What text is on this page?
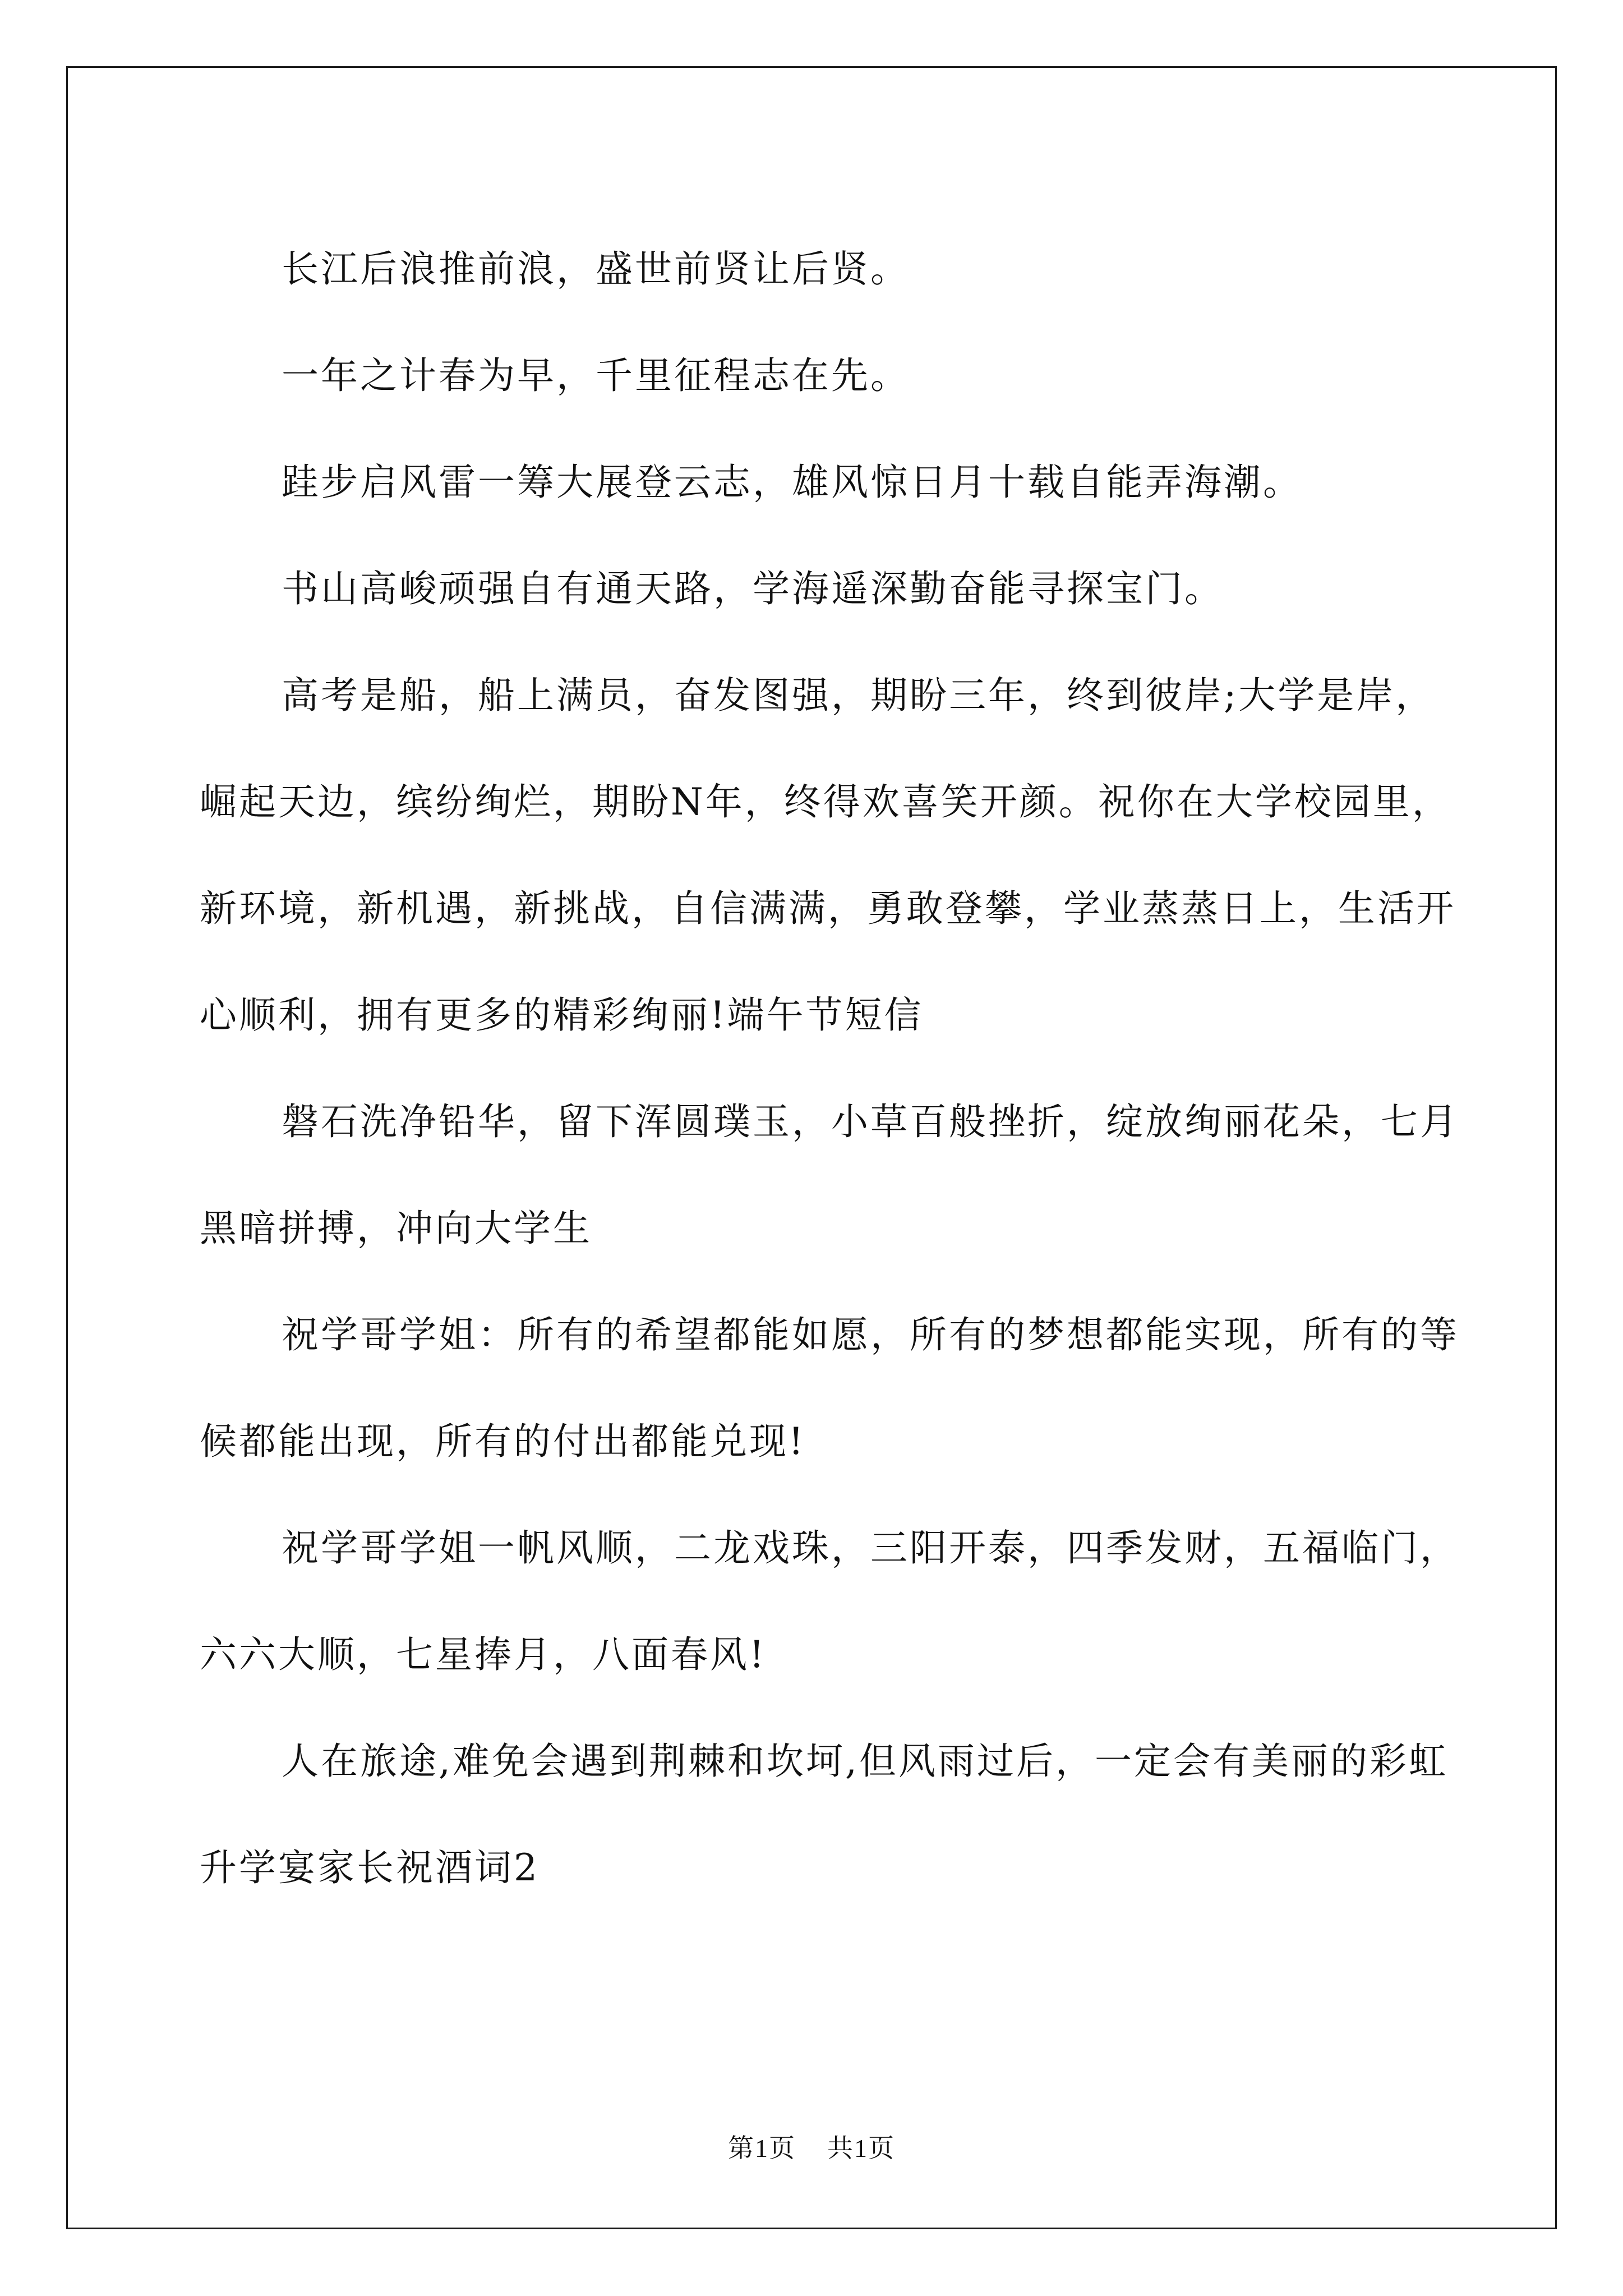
长江后浪推前浪，盛世前贤让后贤。

一年之计春为早，千里征程志在先。

跬步启风雷一筹大展登云志，雄风惊日月十载自能弄海潮。

书山高峻顽强自有通天路，学海遥深勤奋能寻探宝门。

高考是船，船上满员，奋发图强，期盼三年，终到彼岸;大学是岸，崛起天边，缤纷绚烂，期盼N年，终得欢喜笑开颜。祝你在大学校园里，新环境，新机遇，新挑战，自信满满，勇敢登攀，学业蒸蒸日上，生活开心顺利，拥有更多的精彩绚丽!端午节短信

磐石洗净铅华，留下浑圆璞玉，小草百般挫折，绽放绚丽花朵，七月黑暗拼搏，冲向大学生

祝学哥学姐：所有的希望都能如愿，所有的梦想都能实现，所有的等候都能出现，所有的付出都能兑现!

祝学哥学姐一帆风顺，二龙戏珠，三阳开泰，四季发财，五福临门，六六大顺，七星捧月，八面春风!

人在旅途,难免会遇到荆棘和坎坷,但风雨过后，一定会有美丽的彩虹

升学宴家长祝酒词2

第1页 共1页
